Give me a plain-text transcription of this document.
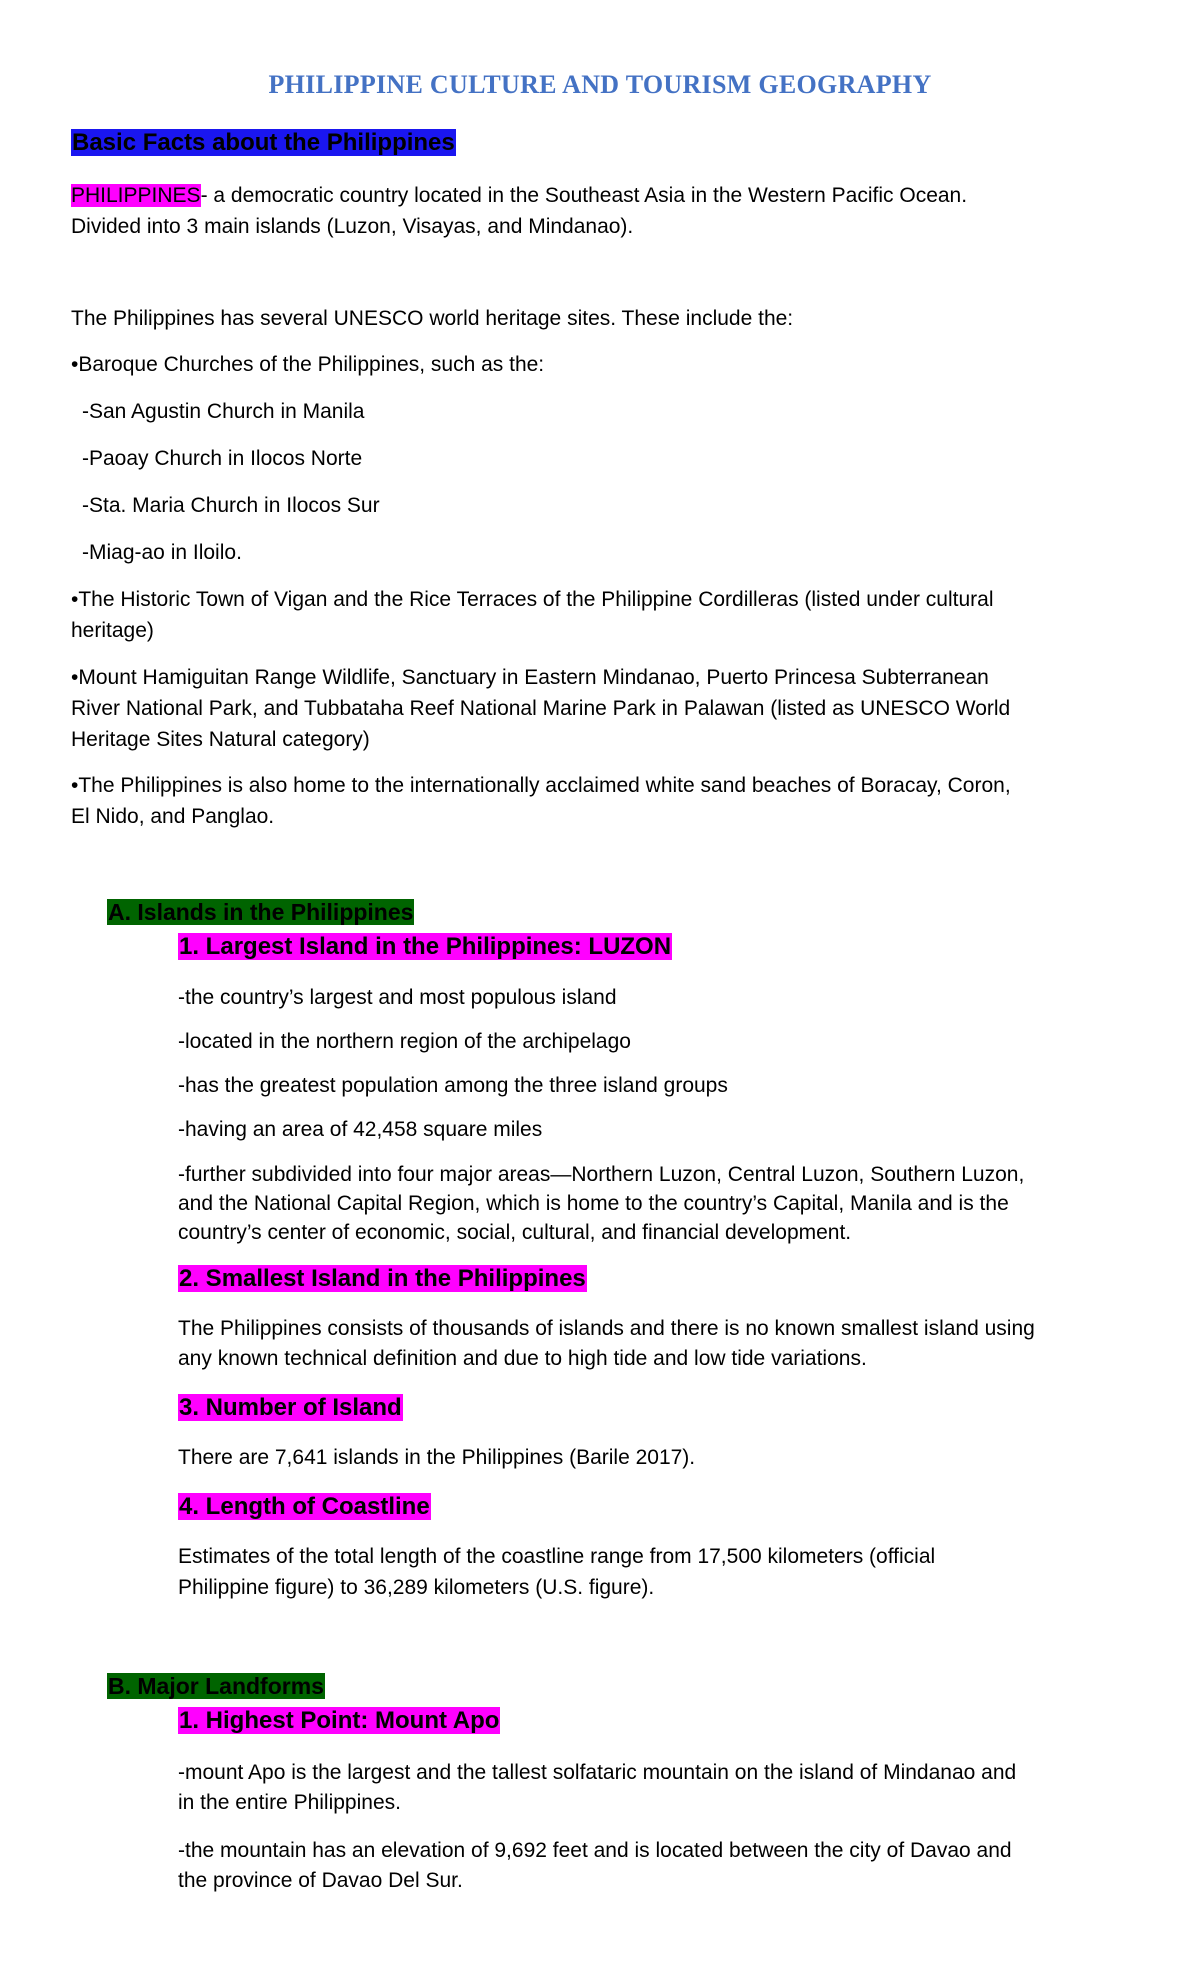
PHILIPPINE CULTURE AND TOURISM GEOGRAPHY
Basic Facts about the Philippines
PHILIPPINES- a democratic country located in the Southeast Asia in the Western Pacific Ocean.
Divided into 3 main islands (Luzon, Visayas, and Mindanao).
The Philippines has several UNESCO world heritage sites. These include the:
•Baroque Churches of the Philippines, such as the:
-San Agustin Church in Manila
-Paoay Church in Ilocos Norte
-Sta. Maria Church in Ilocos Sur
-Miag-ao in Iloilo.
•The Historic Town of Vigan and the Rice Terraces of the Philippine Cordilleras (listed under cultural
heritage)
•Mount Hamiguitan Range Wildlife, Sanctuary in Eastern Mindanao, Puerto Princesa Subterranean
River National Park, and Tubbataha Reef National Marine Park in Palawan (listed as UNESCO World
Heritage Sites Natural category)
•The Philippines is also home to the internationally acclaimed white sand beaches of Boracay, Coron,
El Nido, and Panglao.
A. Islands in the Philippines
1. Largest Island in the Philippines: LUZON
-the country’s largest and most populous island
-located in the northern region of the archipelago
-has the greatest population among the three island groups
-having an area of 42,458 square miles
-further subdivided into four major areas—Northern Luzon, Central Luzon, Southern Luzon,
and the National Capital Region, which is home to the country’s Capital, Manila and is the
country’s center of economic, social, cultural, and financial development.
2. Smallest Island in the Philippines
The Philippines consists of thousands of islands and there is no known smallest island using
any known technical definition and due to high tide and low tide variations.
3. Number of Island
There are 7,641 islands in the Philippines (Barile 2017).
4. Length of Coastline
Estimates of the total length of the coastline range from 17,500 kilometers (official
Philippine figure) to 36,289 kilometers (U.S. figure).
B. Major Landforms
1. Highest Point: Mount Apo
-mount Apo is the largest and the tallest solfataric mountain on the island of Mindanao and
in the entire Philippines.
-the mountain has an elevation of 9,692 feet and is located between the city of Davao and
the province of Davao Del Sur.
